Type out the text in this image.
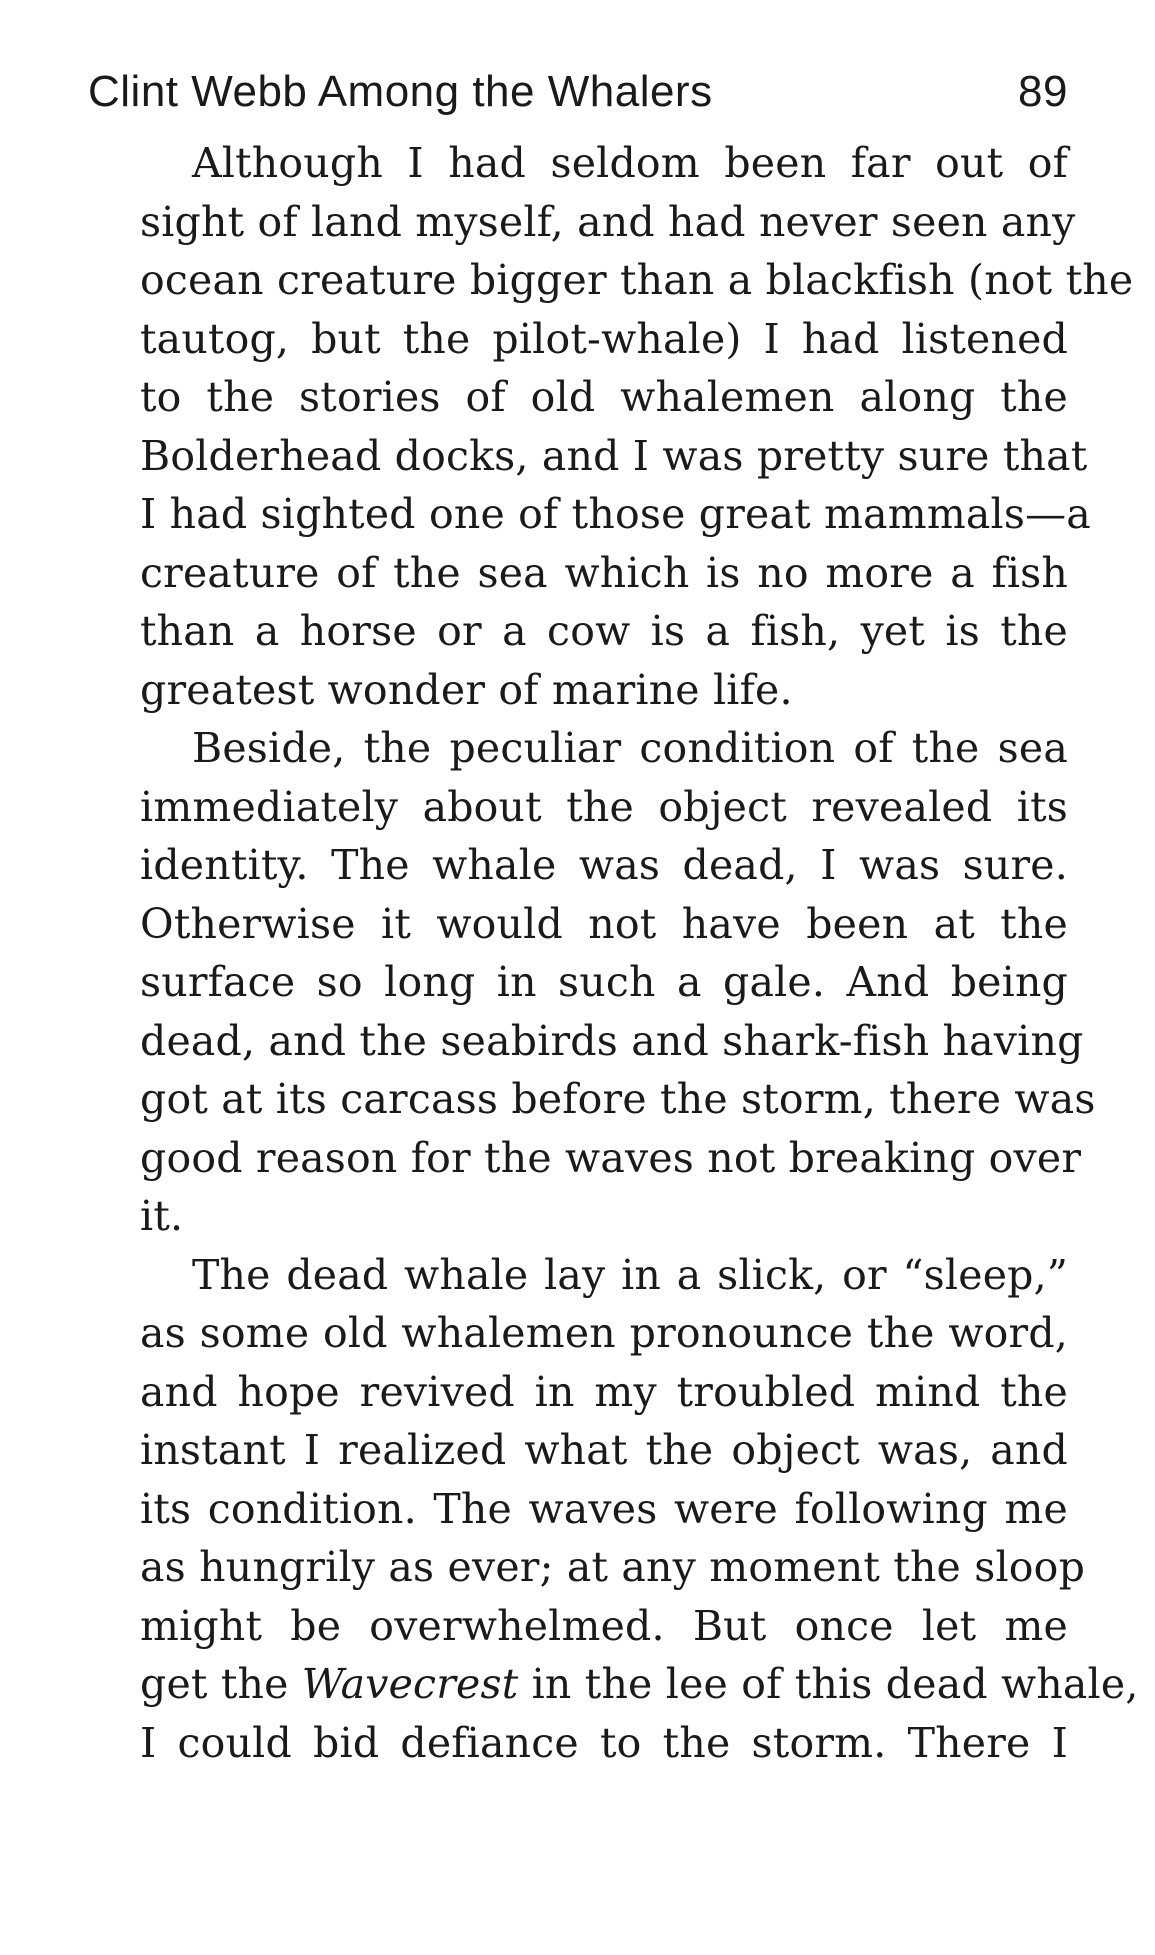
Clint Webb Among the Whalers	89
Although I had seldom been far out of
sight of land myself, and had never seen any
ocean creature bigger than a blackfish (not the
tautog, but the pilot-whale) I had listened
to the stories of old whalemen along the
Bolderhead docks, and I was pretty sure that
I had sighted one of those great mammals—a
creature of the sea which is no more a fish
than a horse or a cow is a fish, yet is the
greatest wonder of marine life.
Beside, the peculiar condition of the sea
immediately about the object revealed its
identity. The whale was dead, I was sure.
Otherwise it would not have been at the
surface so long in such a gale. And being
dead, and the seabirds and shark-fish having
got at its carcass before the storm, there was
good reason for the waves not breaking over
it.
The dead whale lay in a slick, or “sleep,”
as some old whalemen pronounce the word,
and hope revived in my troubled mind the
instant I realized what the object was, and
its condition. The waves were following me
as hungrily as ever; at any moment the sloop
might be overwhelmed. But once let me
get the Wavecrest in the lee of this dead whale,
I could bid defiance to the storm. There I
